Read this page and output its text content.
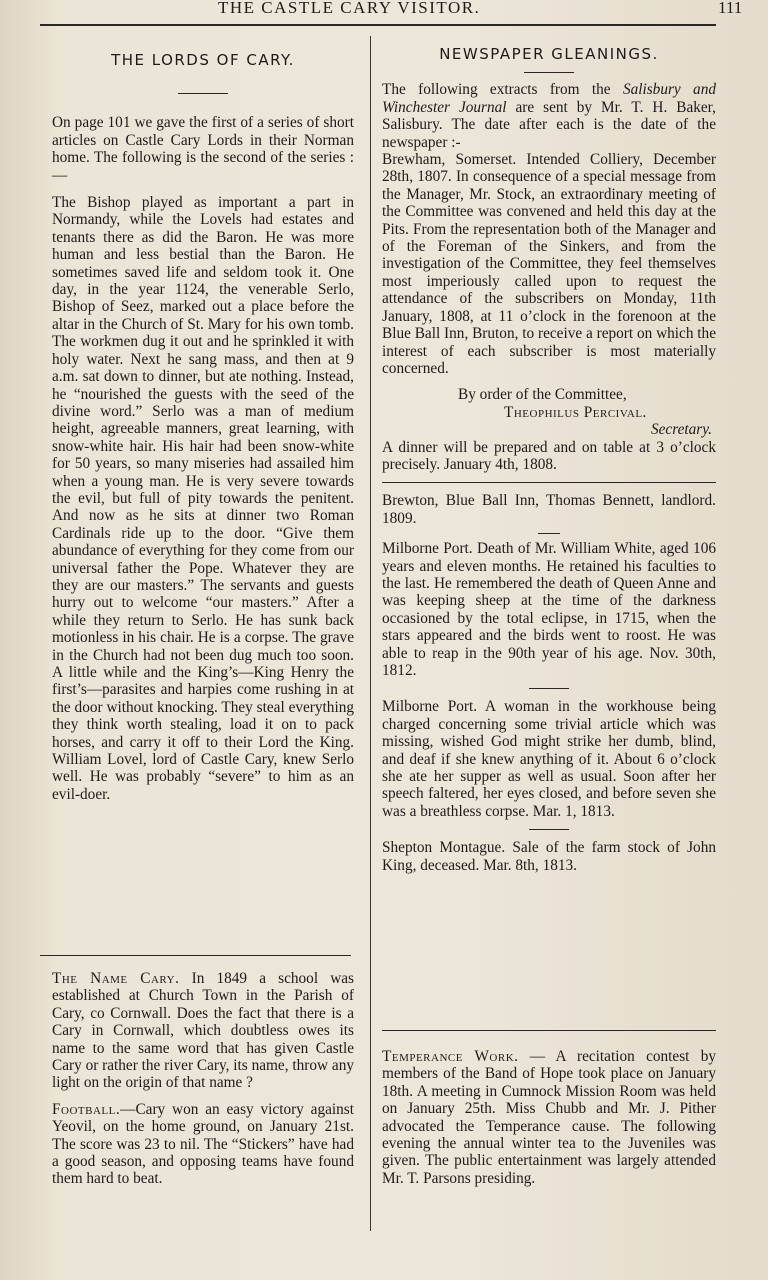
THE CASTLE CARY VISITOR.	111
THE LORDS OF CARY.

On page 101 we gave the first of a series of short articles on Castle Cary Lords in their Norman home. The following is the second of the series :—

The Bishop played as important a part in Normandy, while the Lovels had estates and tenants there as did the Baron. He was more human and less bestial than the Baron. He sometimes saved life and seldom took it. One day, in the year 1124, the venerable Serlo, Bishop of Seez, marked out a place before the altar in the Church of St. Mary for his own tomb. The workmen dug it out and he sprinkled it with holy water. Next he sang mass, and then at 9 a.m. sat down to dinner, but ate nothing. Instead, he “nourished the guests with the seed of the divine word.” Serlo was a man of medium height, agreeable manners, great learning, with snow-white hair. His hair had been snow-white for 50 years, so many miseries had assailed him when a young man. He is very severe towards the evil, but full of pity towards the penitent. And now as he sits at dinner two Roman Cardinals ride up to the door. “Give them abundance of everything for they come from our universal father the Pope. Whatever they are they are our masters.” The servants and guests hurry out to welcome “our masters.” After a while they return to Serlo. He has sunk back motionless in his chair. He is a corpse. The grave in the Church had not been dug much too soon. A little while and the King’s—King Henry the first’s—parasites and harpies come rushing in at the door without knocking. They steal everything they think worth stealing, load it on to pack horses, and carry it off to their Lord the King. William Lovel, lord of Castle Cary, knew Serlo well. He was probably “severe” to him as an evil-doer.

The Name Cary. In 1849 a school was established at Church Town in the Parish of Cary, co Cornwall. Does the fact that there is a Cary in Cornwall, which doubtless owes its name to the same word that has given Castle Cary or rather the river Cary, its name, throw any light on the origin of that name ?

Football.—Cary won an easy victory against Yeovil, on the home ground, on January 21st. The score was 23 to nil. The “Stickers” have had a good season, and opposing teams have found them hard to beat.

NEWSPAPER GLEANINGS.

The following extracts from the Salisbury and Winchester Journal are sent by Mr. T. H. Baker, Salisbury. The date after each is the date of the newspaper :-

Brewham, Somerset. Intended Colliery, December 28th, 1807. In consequence of a special message from the Manager, Mr. Stock, an extraordinary meeting of the Committee was convened and held this day at the Pits. From the representation both of the Manager and of the Foreman of the Sinkers, and from the investigation of the Committee, they feel themselves most imperiously called upon to request the attendance of the subscribers on Monday, 11th January, 1808, at 11 o’clock in the forenoon at the Blue Ball Inn, Bruton, to receive a report on which the interest of each subscriber is most materially concerned.

By order of the Committee,

Theophilus Percival.

Secretary.

A dinner will be prepared and on table at 3 o’clock precisely. January 4th, 1808.

Brewton, Blue Ball Inn, Thomas Bennett, landlord. 1809.

Milborne Port. Death of Mr. William White, aged 106 years and eleven months. He retained his faculties to the last. He remembered the death of Queen Anne and was keeping sheep at the time of the darkness occasioned by the total eclipse, in 1715, when the stars appeared and the birds went to roost. He was able to reap in the 90th year of his age. Nov. 30th, 1812.

Milborne Port. A woman in the workhouse being charged concerning some trivial article which was missing, wished God might strike her dumb, blind, and deaf if she knew anything of it. About 6 o’clock she ate her supper as well as usual. Soon after her speech faltered, her eyes closed, and before seven she was a breathless corpse. Mar. 1, 1813.

Shepton Montague. Sale of the farm stock of John King, deceased. Mar. 8th, 1813.

Temperance Work. — A recitation contest by members of the Band of Hope took place on January 18th. A meeting in Cumnock Mission Room was held on January 25th. Miss Chubb and Mr. J. Pither advocated the Temperance cause. The following evening the annual winter tea to the Juveniles was given. The public entertainment was largely attended Mr. T. Parsons presiding.
